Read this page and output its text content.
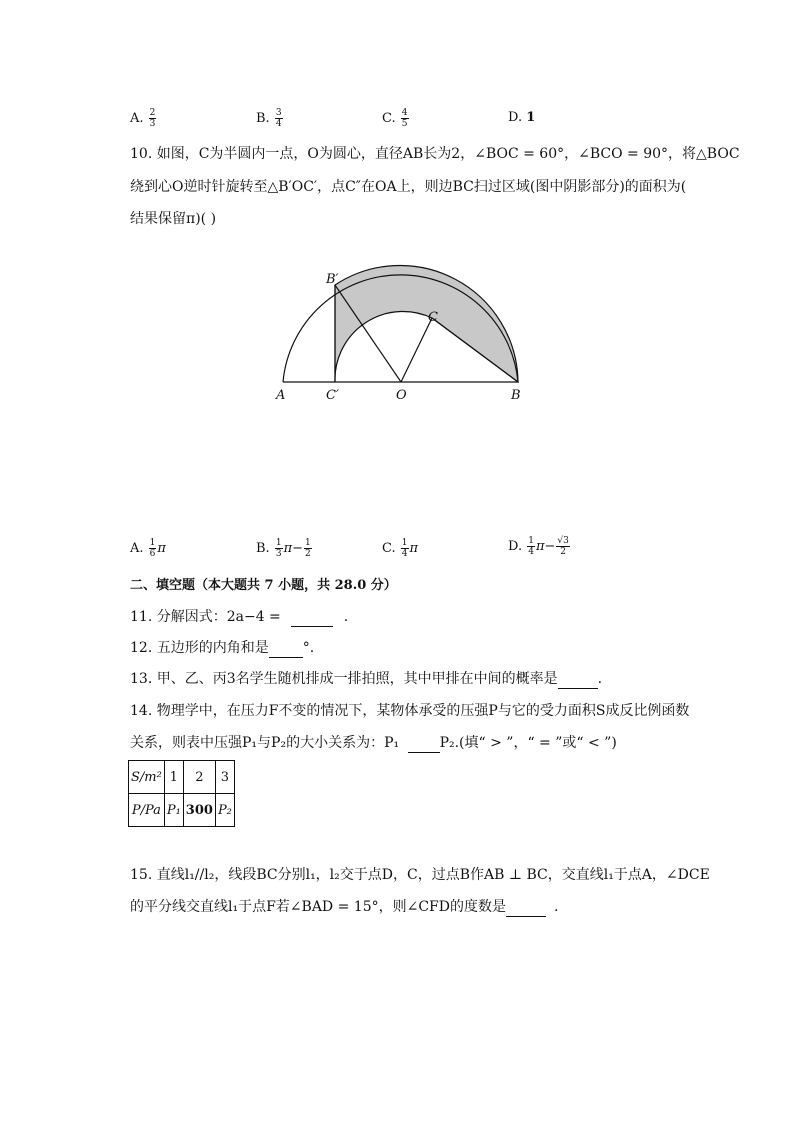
A. $\frac{2}{3}$	B. $\frac{3}{4}$	C. $\frac{4}{5}$	D. 1
10. 如图，C为半圆内一点，O为圆心，直径AB长为2，∠BOC = 60°，∠BCO = 90°，将△BOC
绕到心O逆时针旋转至△B′OC′，点C″在OA上，则边BC扫过区域(图中阴影部分)的面积为(
结果保留π)( )
A	C′	O	B
B′
C
A. $\frac{1}{6}$ π	B. $\frac{1}{3} \pi- \frac{1}{2}$	C. $\frac{1}{4}$ π	D. $\frac{1}{4} \pi- \frac{√3}{2}$
二、填空题（本大题共 7 小题，共 28.0 分）
11. 分解因式：2a−4 =	.
12. 五边形的内角和是 °.
13. 甲、乙、丙3名学生随机排成一排拍照，其中甲排在中间的概率是	.
14. 物理学中，在压力F不变的情况下，某物体承受的压强P与它的受力面积S成反比例函数
关系，则表中压强P₁与P₂的大小关系为：P₁	P₂.(填“ > ”，“ = ”或“ < ”)
S/m²	1	2	3
P/Pa	P₁	300	P₂
15. 直线l₁//l₂，线段BC分别l₁，l₂交于点D，C，过点B作AB ⊥ BC，交直线l₁于点A，∠DCE
的平分线交直线l₁于点F若∠BAD = 15°，则∠CFD的度数是	.
